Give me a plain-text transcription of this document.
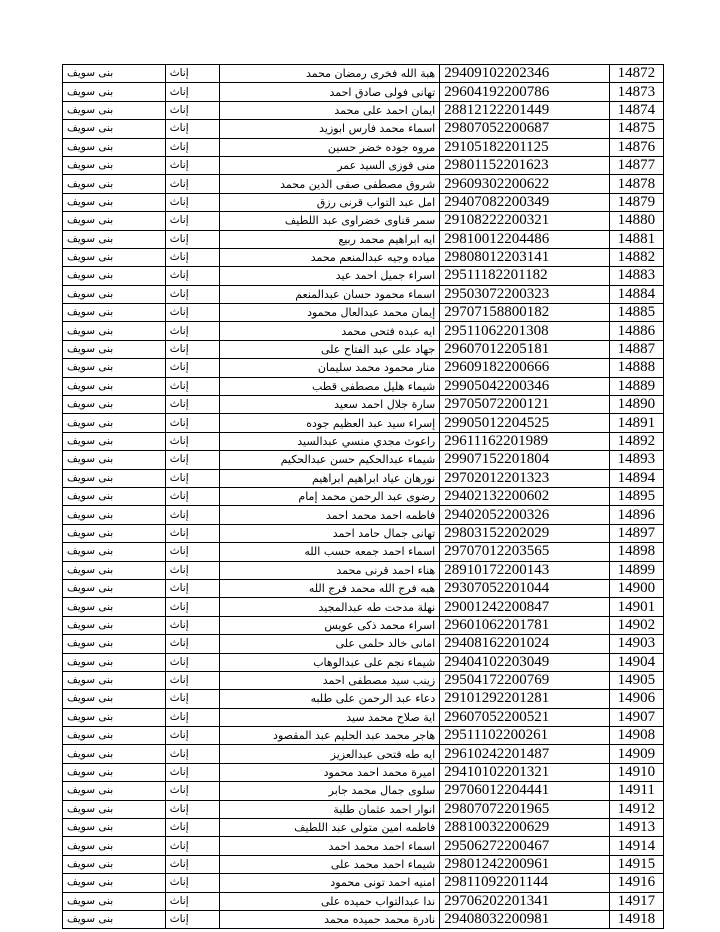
14872	29409102202346	هبة الله فخرى رمضان محمد	إناث	بنى سويف
14873	29604192200786	تهانى فولى صادق احمد	إناث	بنى سويف
14874	28812122201449	ايمان احمد على محمد	إناث	بنى سويف
14875	29807052200687	اسماء محمد فارس ابوزيد	إناث	بنى سويف
14876	29105182201125	مروه جوده خضر حسين	إناث	بنى سويف
14877	29801152201623	منى فوزى السيد عمر	إناث	بنى سويف
14878	29609302200622	شروق مصطفى صفى الدين محمد	إناث	بنى سويف
14879	29407082200349	امل عبد التواب قرنى رزق	إناث	بنى سويف
14880	29108222200321	سمر قناوى خضراوى عبد اللطيف	إناث	بنى سويف
14881	29810012204486	ايه ابراهيم محمد ربيع	إناث	بنى سويف
14882	29808012203141	مياده وجيه عبدالمنعم محمد	إناث	بنى سويف
14883	29511182201182	اسراء جميل احمد عيد	إناث	بنى سويف
14884	29503072200323	اسماء محمود حسان عبدالمنعم	إناث	بنى سويف
14885	29707158800182	إيمان محمد عبدالعال محمود	إناث	بنى سويف
14886	29511062201308	ايه عبده فتحى محمد	إناث	بنى سويف
14887	29607012205181	جهاد على عبد الفتاح على	إناث	بنى سويف
14888	29609182200666	منار محمود محمد سليمان	إناث	بنى سويف
14889	29905042200346	شيماء هليل مصطفى قطب	إناث	بنى سويف
14890	29705072200121	سارة جلال احمد سعيد	إناث	بنى سويف
14891	29905012204525	إسراء سيد عبد العظيم جوده	إناث	بنى سويف
14892	29611162201989	راعوث مجدي منسي عبدالسيد	إناث	بنى سويف
14893	29907152201804	شيماء عبدالحكيم حسن عبدالحكيم	إناث	بنى سويف
14894	29702012201323	نورهان عياد ابراهيم ابراهيم	إناث	بنى سويف
14895	29402132200602	رضوى عبد الرحمن محمد إمام	إناث	بنى سويف
14896	29402052200326	فاطمه احمد محمد احمد	إناث	بنى سويف
14897	29803152202029	تهانى جمال حامد احمد	إناث	بنى سويف
14898	29707012203565	اسماء احمد جمعه حسب الله	إناث	بنى سويف
14899	28910172200143	هناء احمد قرنى محمد	إناث	بنى سويف
14900	29307052201044	هبه فرج الله محمد فرج الله	إناث	بنى سويف
14901	29001242200847	نهلة مدحت طه عبدالمجيد	إناث	بنى سويف
14902	29601062201781	اسراء محمد ذكى عويس	إناث	بنى سويف
14903	29408162201024	امانى خالد حلمى على	إناث	بنى سويف
14904	29404102203049	شيماء نجم على عبدالوهاب	إناث	بنى سويف
14905	29504172200769	زينب سيد مصطفى احمد	إناث	بنى سويف
14906	29101292201281	دعاء عبد الرحمن على طلبه	إناث	بنى سويف
14907	29607052200521	اية صلاح محمد سيد	إناث	بنى سويف
14908	29511102200261	هاجر محمد عبد الحليم عبد المقصود	إناث	بنى سويف
14909	29610242201487	ايه طه فتحى عبدالعزيز	إناث	بنى سويف
14910	29410102201321	اميرة محمد احمد محمود	إناث	بنى سويف
14911	29706012204441	سلوى جمال محمد جابر	إناث	بنى سويف
14912	29807072201965	انوار احمد عثمان طلبة	إناث	بنى سويف
14913	28810032200629	فاطمه امين متولى عبد اللطيف	إناث	بنى سويف
14914	29506272200467	اسماء احمد محمد احمد	إناث	بنى سويف
14915	29801242200961	شيماء احمد محمد على	إناث	بنى سويف
14916	29811092201144	امنيه احمد تونى محمود	إناث	بنى سويف
14917	29706202201341	ندا عبدالتواب حميده على	إناث	بنى سويف
14918	29408032200981	نادرة محمد حميده محمد	إناث	بنى سويف
